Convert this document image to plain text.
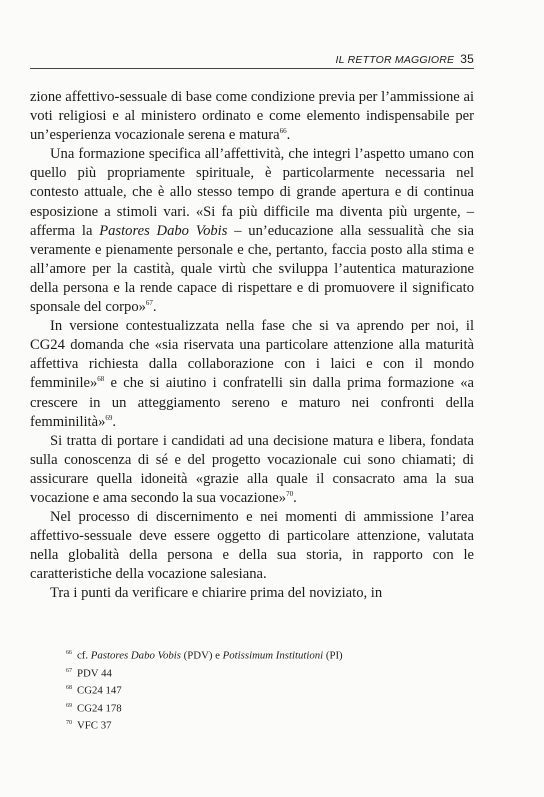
IL RETTOR MAGGIORE 35

zione affettivo-sessuale di base come condizione previa per l’ammissione ai voti religiosi e al ministero ordinato e come elemento indispensabile per un’esperienza vocazionale serena e matura$^{66}$.

Una formazione specifica all’affettività, che integri l’aspetto umano con quello più propriamente spirituale, è particolarmente necessaria nel contesto attuale, che è allo stesso tempo di grande apertura e di continua esposizione a stimoli vari. «Si fa più difficile ma diventa più urgente, – afferma la Pastores Dabo Vobis – un’educazione alla sessualità che sia veramente e pienamente personale e che, pertanto, faccia posto alla stima e all’amore per la castità, quale virtù che sviluppa l’autentica maturazione della persona e la rende capace di rispettare e di promuovere il significato sponsale del corpo»$^{67}$.

In versione contestualizzata nella fase che si va aprendo per noi, il CG24 domanda che «sia riservata una particolare attenzione alla maturità affettiva richiesta dalla collaborazione con i laici e con il mondo femminile»$^{68}$ e che si aiutino i confratelli sin dalla prima formazione «a crescere in un atteggiamento sereno e maturo nei confronti della femminilità»$^{69}$.

Si tratta di portare i candidati ad una decisione matura e libera, fondata sulla conoscenza di sé e del progetto vocazionale cui sono chiamati; di assicurare quella idoneità «grazie alla quale il consacrato ama la sua vocazione e ama secondo la sua vocazione»$^{70}$.

Nel processo di discernimento e nei momenti di ammissione l’area affettivo-sessuale deve essere oggetto di particolare attenzione, valutata nella globalità della persona e della sua storia, in rapporto con le caratteristiche della vocazione salesiana.

Tra i punti da verificare e chiarire prima del noviziato, in

$^{66}$ cf. Pastores Dabo Vobis (PDV) e Potissimum Institutioni (PI)
$^{67}$ PDV 44
$^{68}$ CG24 147
$^{69}$ CG24 178
$^{70}$ VFC 37
